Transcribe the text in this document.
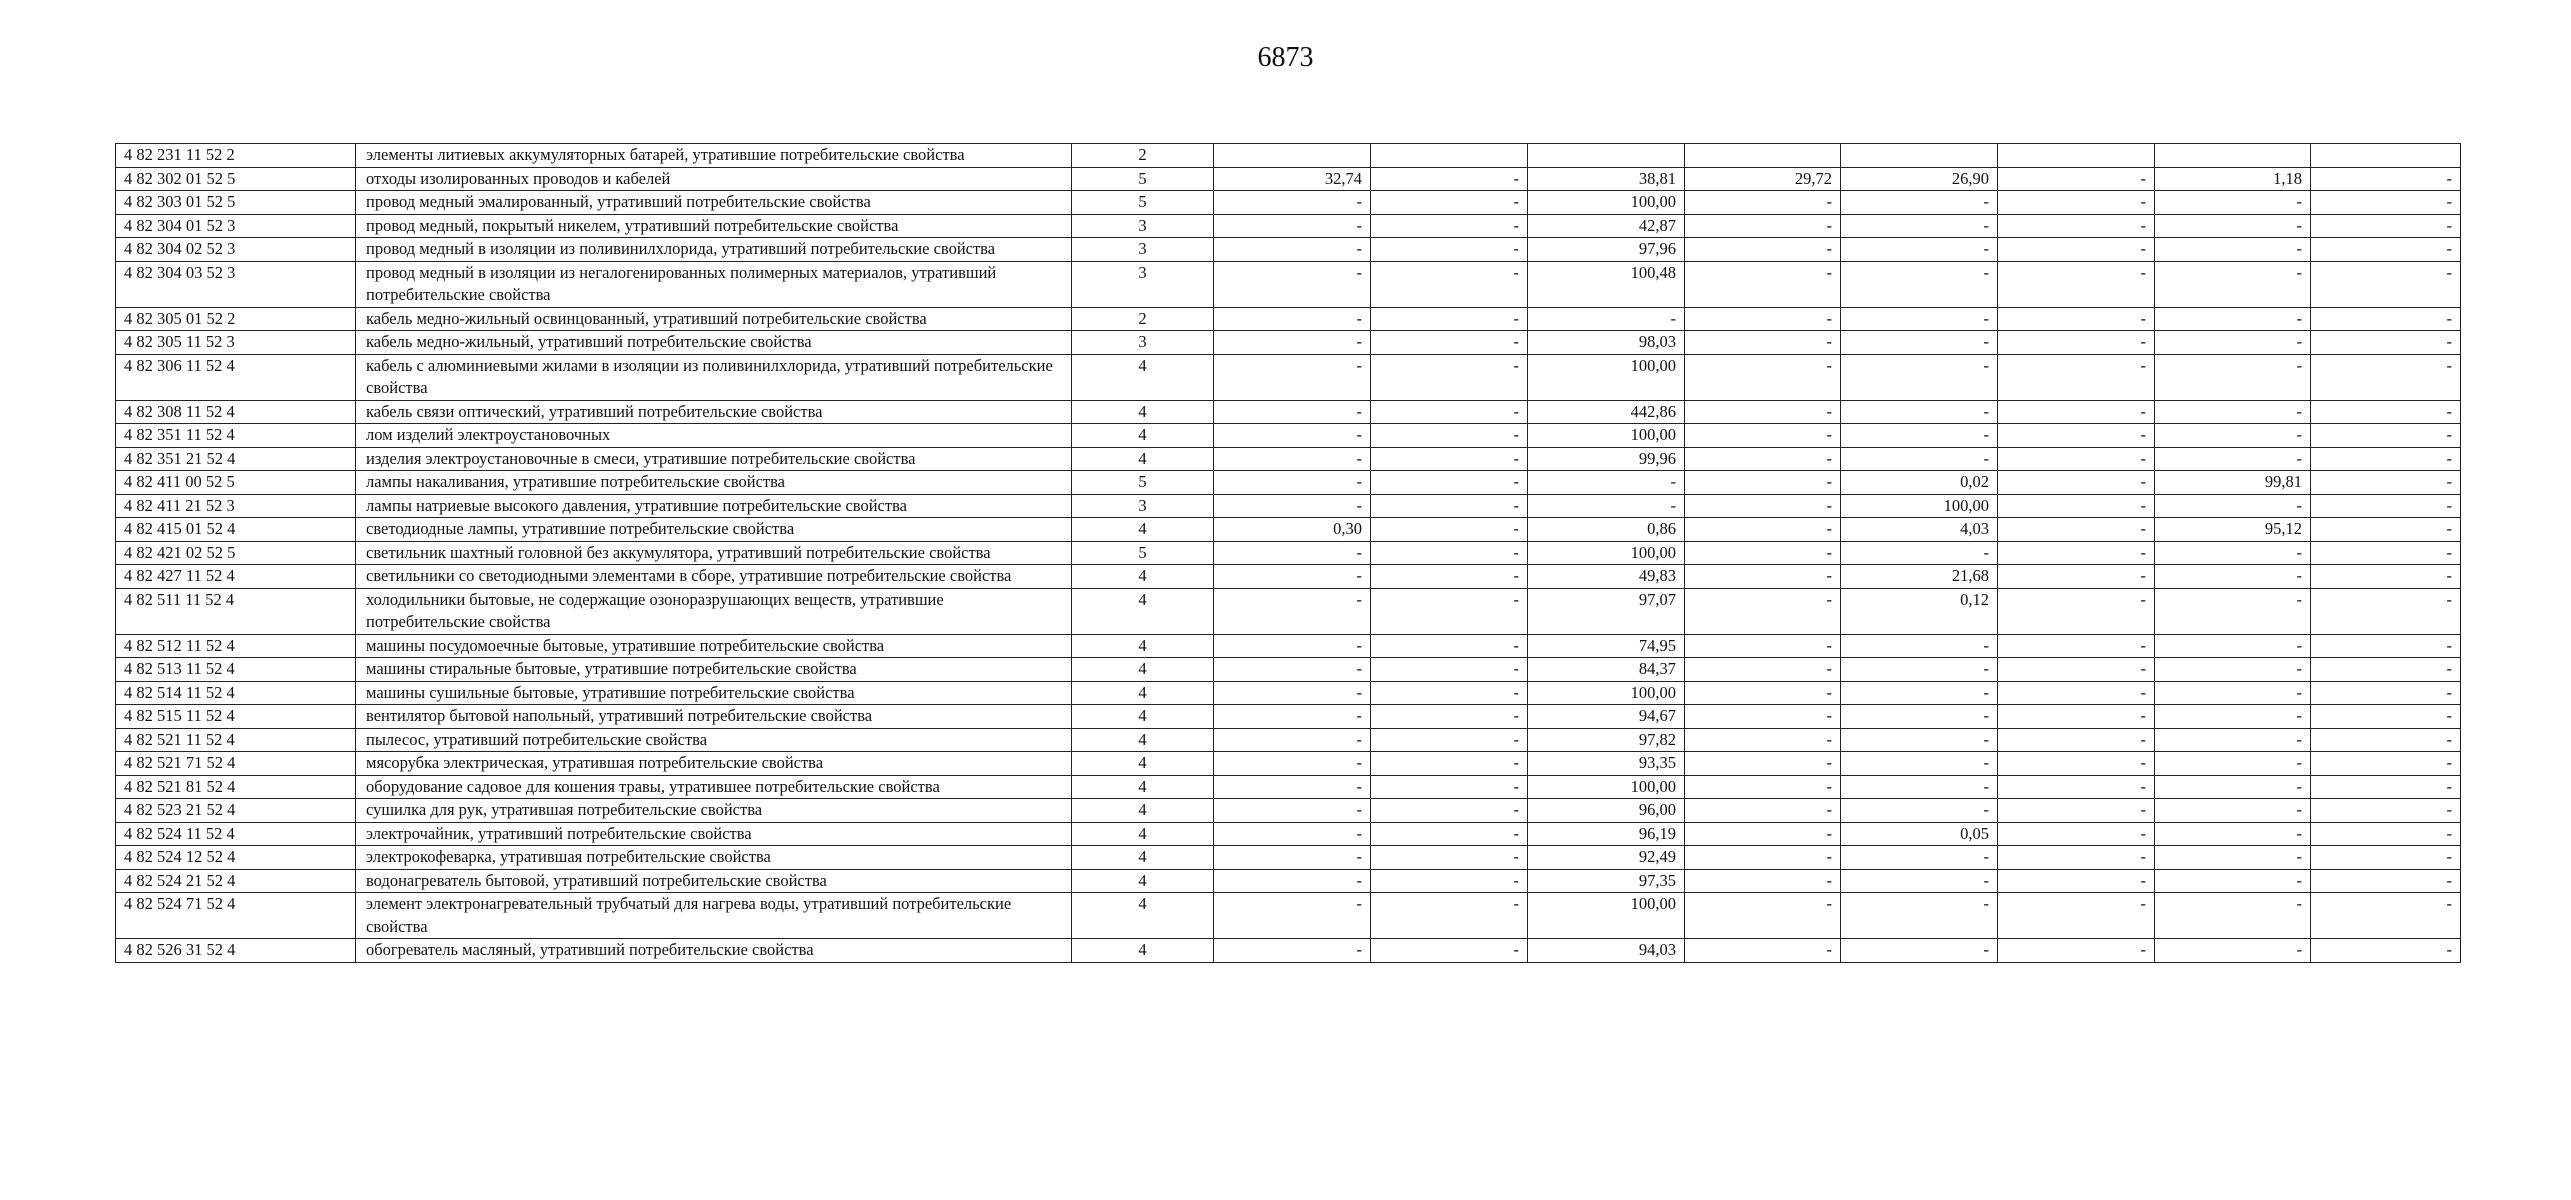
6873
4 82 231 11 52 2	элементы литиевых аккумуляторных батарей, утратившие потребительские свойства	2								
4 82 302 01 52 5	отходы изолированных проводов и кабелей	5	32,74	-	38,81	29,72	26,90	-	1,18	-
4 82 303 01 52 5	провод медный эмалированный, утративший потребительские свойства	5	-	-	100,00	-	-	-	-	-
4 82 304 01 52 3	провод медный, покрытый никелем, утративший потребительские свойства	3	-	-	42,87	-	-	-	-	-
4 82 304 02 52 3	провод медный в изоляции из поливинилхлорида, утративший потребительские свойства	3	-	-	97,96	-	-	-	-	-
4 82 304 03 52 3	провод медный в изоляции из негалогенированных полимерных материалов, утративший потребительские свойства	3	-	-	100,48	-	-	-	-	-
4 82 305 01 52 2	кабель медно-жильный освинцованный, утративший потребительские свойства	2	-	-	-	-	-	-	-	-
4 82 305 11 52 3	кабель медно-жильный, утративший потребительские свойства	3	-	-	98,03	-	-	-	-	-
4 82 306 11 52 4	кабель с алюминиевыми жилами в изоляции из поливинилхлорида, утративший потребительские свойства	4	-	-	100,00	-	-	-	-	-
4 82 308 11 52 4	кабель связи оптический, утративший потребительские свойства	4	-	-	442,86	-	-	-	-	-
4 82 351 11 52 4	лом изделий электроустановочных	4	-	-	100,00	-	-	-	-	-
4 82 351 21 52 4	изделия электроустановочные в смеси, утратившие потребительские свойства	4	-	-	99,96	-	-	-	-	-
4 82 411 00 52 5	лампы накаливания, утратившие потребительские свойства	5	-	-	-	-	0,02	-	99,81	-
4 82 411 21 52 3	лампы натриевые высокого давления, утратившие потребительские свойства	3	-	-	-	-	100,00	-	-	-
4 82 415 01 52 4	светодиодные лампы, утратившие потребительские свойства	4	0,30	-	0,86	-	4,03	-	95,12	-
4 82 421 02 52 5	светильник шахтный головной без аккумулятора, утративший потребительские свойства	5	-	-	100,00	-	-	-	-	-
4 82 427 11 52 4	светильники со светодиодными элементами в сборе, утратившие потребительские свойства	4	-	-	49,83	-	21,68	-	-	-
4 82 511 11 52 4	холодильники бытовые, не содержащие озоноразрушающих веществ, утратившие потребительские свойства	4	-	-	97,07	-	0,12	-	-	-
4 82 512 11 52 4	машины посудомоечные бытовые, утратившие потребительские свойства	4	-	-	74,95	-	-	-	-	-
4 82 513 11 52 4	машины стиральные бытовые, утратившие потребительские свойства	4	-	-	84,37	-	-	-	-	-
4 82 514 11 52 4	машины сушильные бытовые, утратившие потребительские свойства	4	-	-	100,00	-	-	-	-	-
4 82 515 11 52 4	вентилятор бытовой напольный, утративший потребительские свойства	4	-	-	94,67	-	-	-	-	-
4 82 521 11 52 4	пылесос, утративший потребительские свойства	4	-	-	97,82	-	-	-	-	-
4 82 521 71 52 4	мясорубка электрическая, утратившая потребительские свойства	4	-	-	93,35	-	-	-	-	-
4 82 521 81 52 4	оборудование садовое для кошения травы, утратившее потребительские свойства	4	-	-	100,00	-	-	-	-	-
4 82 523 21 52 4	сушилка для рук, утратившая потребительские свойства	4	-	-	96,00	-	-	-	-	-
4 82 524 11 52 4	электрочайник, утративший потребительские свойства	4	-	-	96,19	-	0,05	-	-	-
4 82 524 12 52 4	электрокофеварка, утратившая потребительские свойства	4	-	-	92,49	-	-	-	-	-
4 82 524 21 52 4	водонагреватель бытовой, утративший потребительские свойства	4	-	-	97,35	-	-	-	-	-
4 82 524 71 52 4	элемент электронагревательный трубчатый для нагрева воды, утративший потребительские свойства	4	-	-	100,00	-	-	-	-	-
4 82 526 31 52 4	обогреватель масляный, утративший потребительские свойства	4	-	-	94,03	-	-	-	-	-
